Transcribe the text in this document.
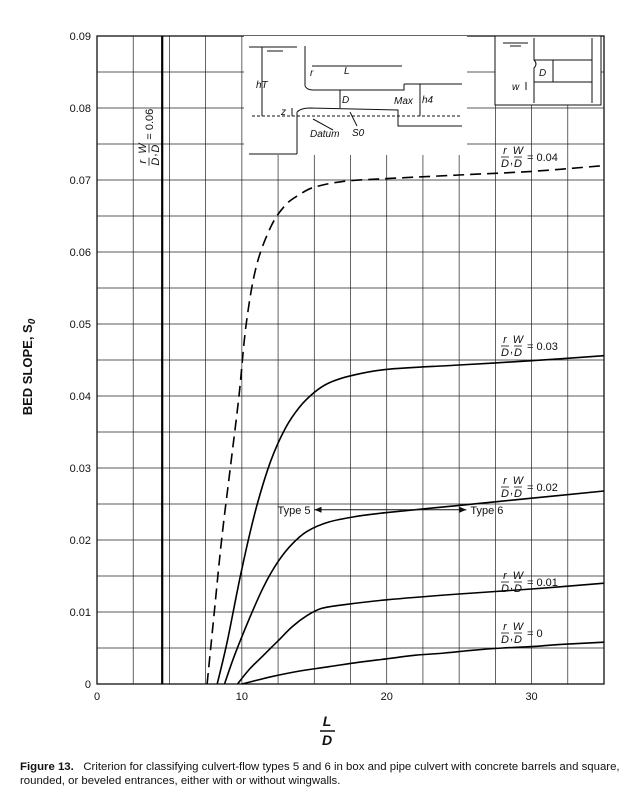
0
0.01
0.02
0.03
0.04
0.05
0.06
0.07
0.08
0.09
0	10	20	30
r
D
W
D
, = 0
r
D
W
D
, = 0.01
r
D
W
D
, = 0.02
r
D
W
D
, = 0.03
r
D
W
D
, = 0.04
r D
W D
,
= 0.06
Type 5	Type 6
BED SLOPE, $S_0$
L
D
hT
r	L
D	Max h4
z
Datum S0
D
w
Figure 13. Criterion for classifying culvert-flow types 5 and 6 in box and pipe culvert with concrete barrels and square, rounded, or beveled entrances, either with or without wingwalls.
